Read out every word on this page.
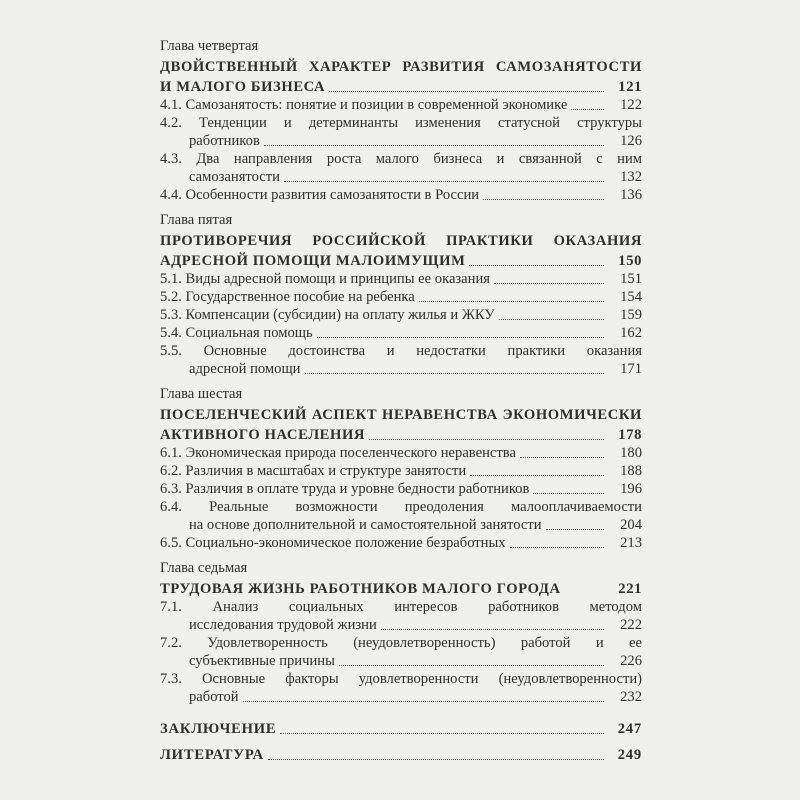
Глава четвертая
ДВОЙСТВЕННЫЙ ХАРАКТЕР РАЗВИТИЯ САМОЗАНЯТОСТИ
И МАЛОГО БИЗНЕСА	121
4.1. Самозанятость: понятие и позиции в современной экономике	122
4.2. Тенденции и детерминанты изменения статусной структуры
работников	126
4.3. Два направления роста малого бизнеса и связанной с ним
самозанятости	132
4.4. Особенности развития самозанятости в России	136
Глава пятая
ПРОТИВОРЕЧИЯ РОССИЙСКОЙ ПРАКТИКИ ОКАЗАНИЯ
АДРЕСНОЙ ПОМОЩИ МАЛОИМУЩИМ	150
5.1. Виды адресной помощи и принципы ее оказания	151
5.2. Государственное пособие на ребенка	154
5.3. Компенсации (субсидии) на оплату жилья и ЖКУ	159
5.4. Социальная помощь	162
5.5. Основные достоинства и недостатки практики оказания
адресной помощи	171
Глава шестая
ПОСЕЛЕНЧЕСКИЙ АСПЕКТ НЕРАВЕНСТВА ЭКОНОМИЧЕСКИ
АКТИВНОГО НАСЕЛЕНИЯ	178
6.1. Экономическая природа поселенческого неравенства	180
6.2. Различия в масштабах и структуре занятости	188
6.3. Различия в оплате труда и уровне бедности работников	196
6.4. Реальные возможности преодоления малооплачиваемости
на основе дополнительной и самостоятельной занятости	204
6.5. Социально-экономическое положение безработных	213
Глава седьмая
ТРУДОВАЯ ЖИЗНЬ РАБОТНИКОВ МАЛОГО ГОРОДА	221
7.1. Анализ социальных интересов работников методом
исследования трудовой жизни	222
7.2. Удовлетворенность (неудовлетворенность) работой и ее
субъективные причины	226
7.3. Основные факторы удовлетворенности (неудовлетворенности)
работой	232
ЗАКЛЮЧЕНИЕ	247
ЛИТЕРАТУРА	249
